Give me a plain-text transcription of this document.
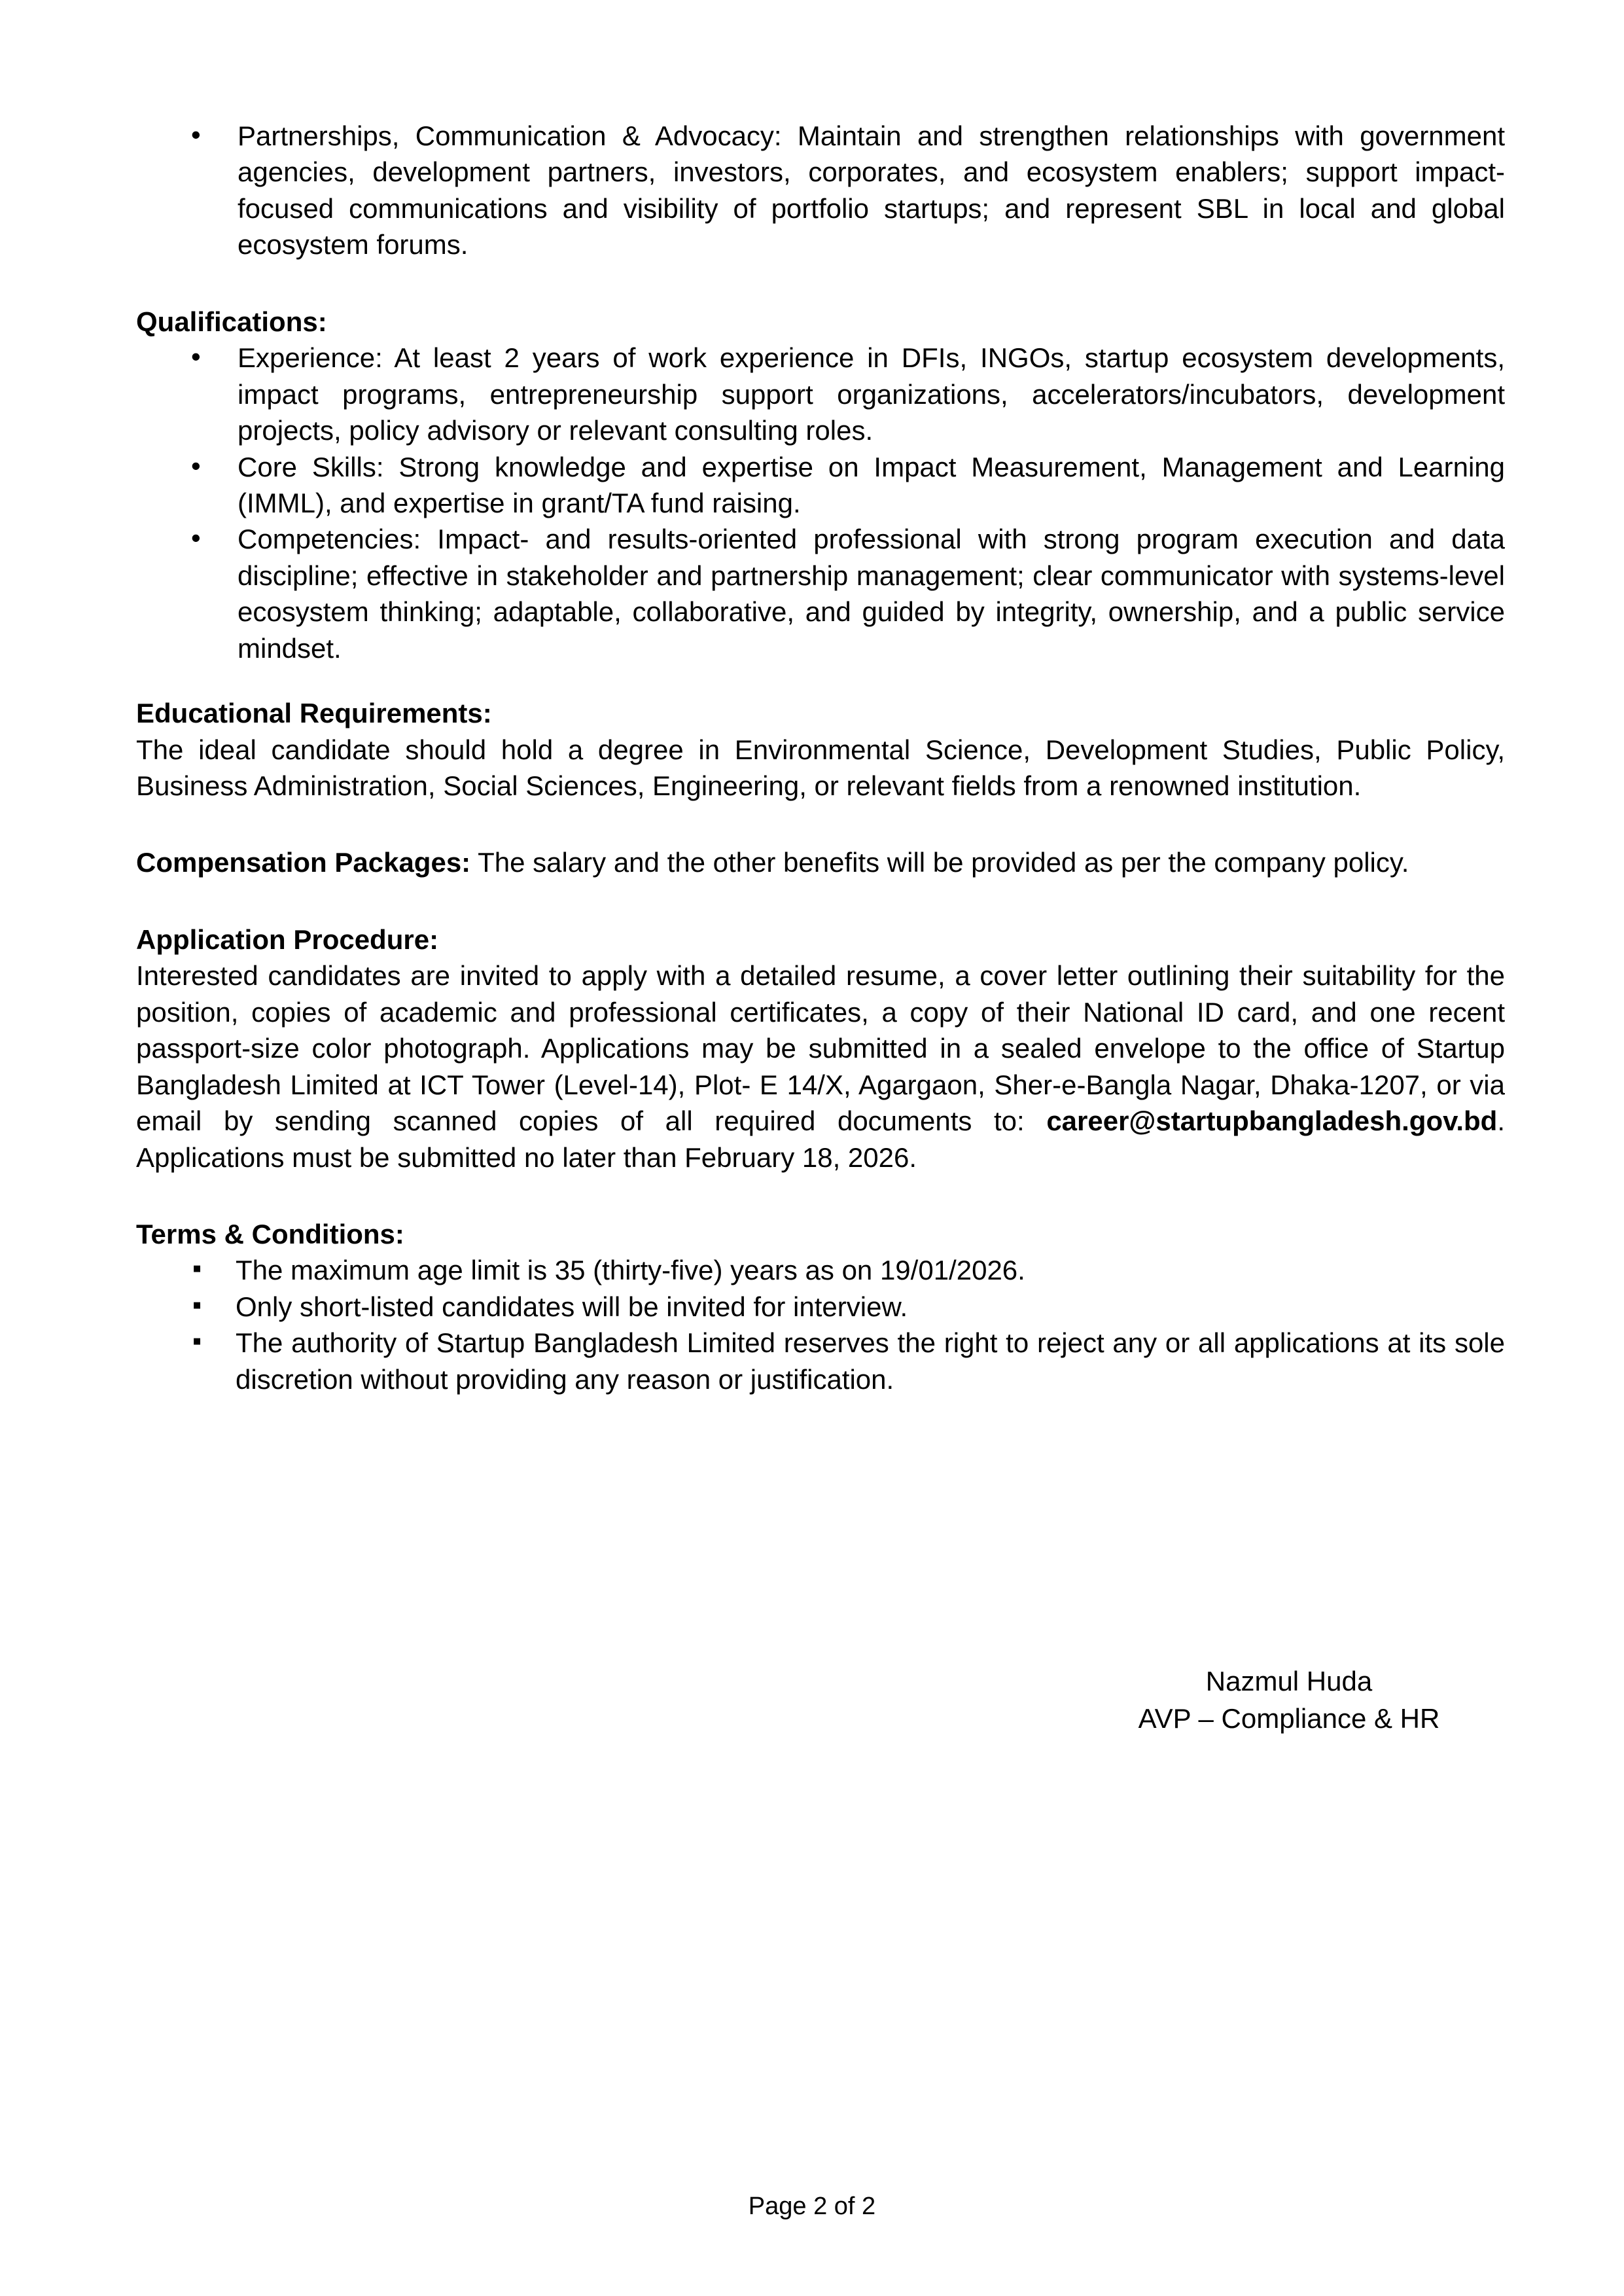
• Partnerships, Communication & Advocacy: Maintain and strengthen relationships with government agencies, development partners, investors, corporates, and ecosystem enablers; support impact-focused communications and visibility of portfolio startups; and represent SBL in local and global ecosystem forums.
Qualifications:
• Experience: At least 2 years of work experience in DFIs, INGOs, startup ecosystem developments, impact programs, entrepreneurship support organizations, accelerators/incubators, development projects, policy advisory or relevant consulting roles.
• Core Skills: Strong knowledge and expertise on Impact Measurement, Management and Learning (IMML), and expertise in grant/TA fund raising.
• Competencies: Impact- and results-oriented professional with strong program execution and data discipline; effective in stakeholder and partnership management; clear communicator with systems-level ecosystem thinking; adaptable, collaborative, and guided by integrity, ownership, and a public service mindset.
Educational Requirements:

The ideal candidate should hold a degree in Environmental Science, Development Studies, Public Policy, Business Administration, Social Sciences, Engineering, or relevant fields from a renowned institution.

Compensation Packages: The salary and the other benefits will be provided as per the company policy.

Application Procedure:

Interested candidates are invited to apply with a detailed resume, a cover letter outlining their suitability for the position, copies of academic and professional certificates, a copy of their National ID card, and one recent passport-size color photograph. Applications may be submitted in a sealed envelope to the office of Startup Bangladesh Limited at ICT Tower (Level-14), Plot- E 14/X, Agargaon, Sher-e-Bangla Nagar, Dhaka-1207, or via email by sending scanned copies of all required documents to: career@startupbangladesh.gov.bd. Applications must be submitted no later than February 18, 2026.

Terms & Conditions:
▪ The maximum age limit is 35 (thirty-five) years as on 19/01/2026.
▪ Only short-listed candidates will be invited for interview.
▪ The authority of Startup Bangladesh Limited reserves the right to reject any or all applications at its sole discretion without providing any reason or justification.
Nazmul Huda
AVP – Compliance & HR
Page 2 of 2
